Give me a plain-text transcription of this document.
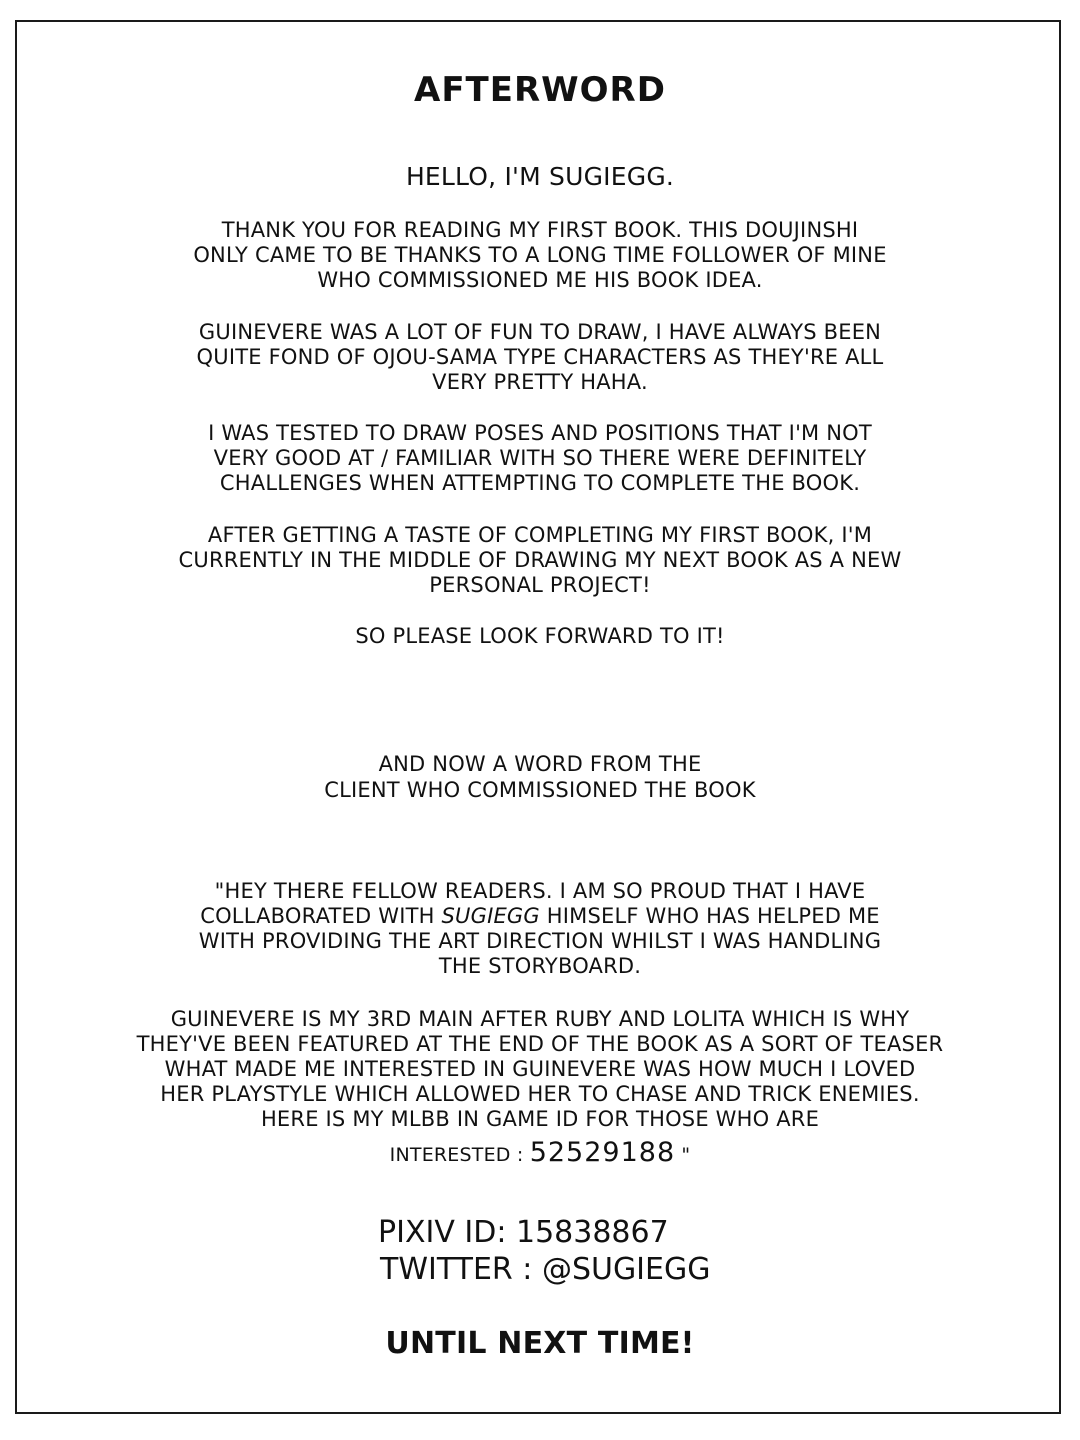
AFTERWORD
HELLO, I'M SUGIEGG.
THANK YOU FOR READING MY FIRST BOOK. THIS DOUJINSHI
ONLY CAME TO BE THANKS TO A LONG TIME FOLLOWER OF MINE
WHO COMMISSIONED ME HIS BOOK IDEA.
GUINEVERE WAS A LOT OF FUN TO DRAW, I HAVE ALWAYS BEEN
QUITE FOND OF OJOU-SAMA TYPE CHARACTERS AS THEY'RE ALL
VERY PRETTY HAHA.
I WAS TESTED TO DRAW POSES AND POSITIONS THAT I'M NOT
VERY GOOD AT / FAMILIAR WITH SO THERE WERE DEFINITELY
CHALLENGES WHEN ATTEMPTING TO COMPLETE THE BOOK.
AFTER GETTING A TASTE OF COMPLETING MY FIRST BOOK, I'M
CURRENTLY IN THE MIDDLE OF DRAWING MY NEXT BOOK AS A NEW
PERSONAL PROJECT!
SO PLEASE LOOK FORWARD TO IT!
AND NOW A WORD FROM THE
CLIENT WHO COMMISSIONED THE BOOK
"HEY THERE FELLOW READERS. I AM SO PROUD THAT I HAVE
COLLABORATED WITH SUGIEGG HIMSELF WHO HAS HELPED ME
WITH PROVIDING THE ART DIRECTION WHILST I WAS HANDLING
THE STORYBOARD.
GUINEVERE IS MY 3RD MAIN AFTER RUBY AND LOLITA WHICH IS WHY
THEY'VE BEEN FEATURED AT THE END OF THE BOOK AS A SORT OF TEASER
WHAT MADE ME INTERESTED IN GUINEVERE WAS HOW MUCH I LOVED
HER PLAYSTYLE WHICH ALLOWED HER TO CHASE AND TRICK ENEMIES.
HERE IS MY MLBB IN GAME ID FOR THOSE WHO ARE
INTERESTED : 52529188 "
PIXIV ID: 15838867
TWITTER : @SUGIEGG
UNTIL NEXT TIME!
